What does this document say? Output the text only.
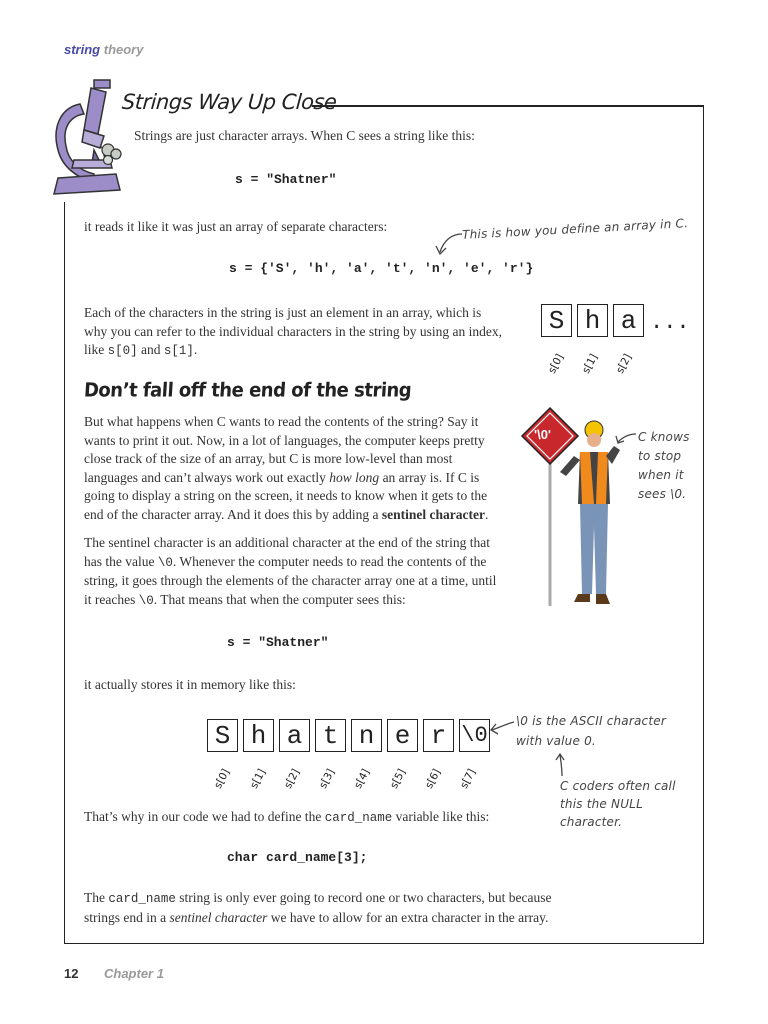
string theory
Strings Way Up Close
Strings are just character arrays. When C sees a string like this:
s = "Shatner"
it reads it like it was just an array of separate characters:	This is how you define an array in C.
s = {'S', 'h', 'a', 't', 'n', 'e', 'r'}
Each of the characters in the string is just an element in an array, which is why you can refer to the individual characters in the string by using an index, like s[0] and s[1].
S h a ...
s[0] s[1] s[2]
Don’t fall off the end of the string
But what happens when C wants to read the contents of the string? Say it wants to print it out. Now, in a lot of languages, the computer keeps pretty close track of the size of an array, but C is more low-level than most languages and can’t always work out exactly how long an array is. If C is going to display a string on the screen, it needs to know when it gets to the end of the character array. And it does this by adding a sentinel character.
'\0'	C knows to stop when it sees \0.
The sentinel character is an additional character at the end of the string that has the value \0. Whenever the computer needs to read the contents of the string, it goes through the elements of the character array one at a time, until it reaches \0. That means that when the computer sees this:
s = "Shatner"
it actually stores it in memory like this:
S h a t n e r \0
s[0] s[1] s[2] s[3] s[4] s[5] s[6] s[7]
\0 is the ASCII character with value 0.
C coders often call this the NULL character.
That’s why in our code we had to define the card_name variable like this:
char card_name[3];
The card_name string is only ever going to record one or two characters, but because strings end in a sentinel character we have to allow for an extra character in the array.
12 Chapter 1
